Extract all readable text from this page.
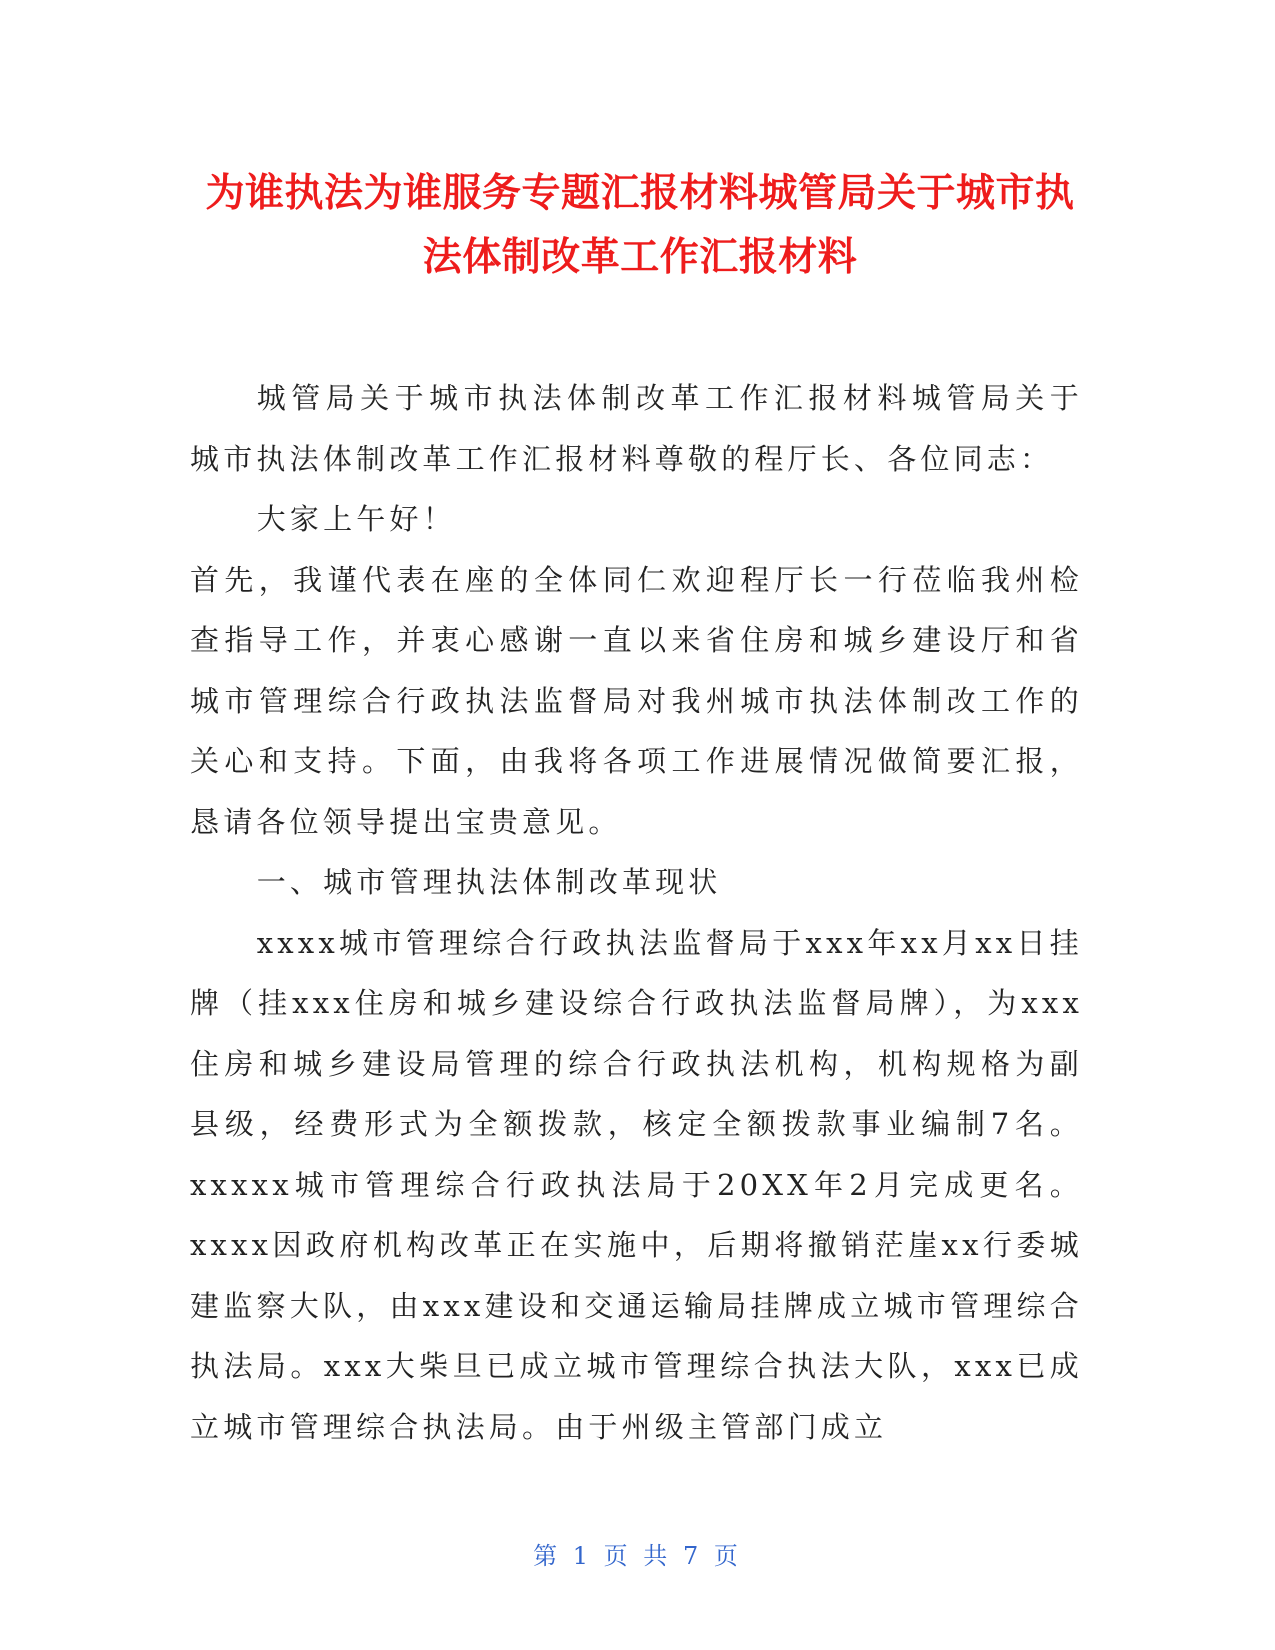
为谁执法为谁服务专题汇报材料城管局关于城市执法体制改革工作汇报材料

城管局关于城市执法体制改革工作汇报材料城管局关于城市执法体制改革工作汇报材料尊敬的程厅长、各位同志：

大家上午好！

首先，我谨代表在座的全体同仁欢迎程厅长一行莅临我州检查指导工作，并衷心感谢一直以来省住房和城乡建设厅和省城市管理综合行政执法监督局对我州城市执法体制改工作的关心和支持。下面，由我将各项工作进展情况做简要汇报，恳请各位领导提出宝贵意见。

一、城市管理执法体制改革现状

xxxx城市管理综合行政执法监督局于xxx年xx月xx日挂牌（挂xxx住房和城乡建设综合行政执法监督局牌），为xxx住房和城乡建设局管理的综合行政执法机构，机构规格为副县级，经费形式为全额拨款，核定全额拨款事业编制7名。xxxxx城市管理综合行政执法局于20XX年2月完成更名。xxxx因政府机构改革正在实施中，后期将撤销茫崖xx行委城建监察大队，由xxx建设和交通运输局挂牌成立城市管理综合执法局。xxx大柴旦已成立城市管理综合执法大队，xxx已成立城市管理综合执法局。由于州级主管部门成立

第 1 页 共 7 页
